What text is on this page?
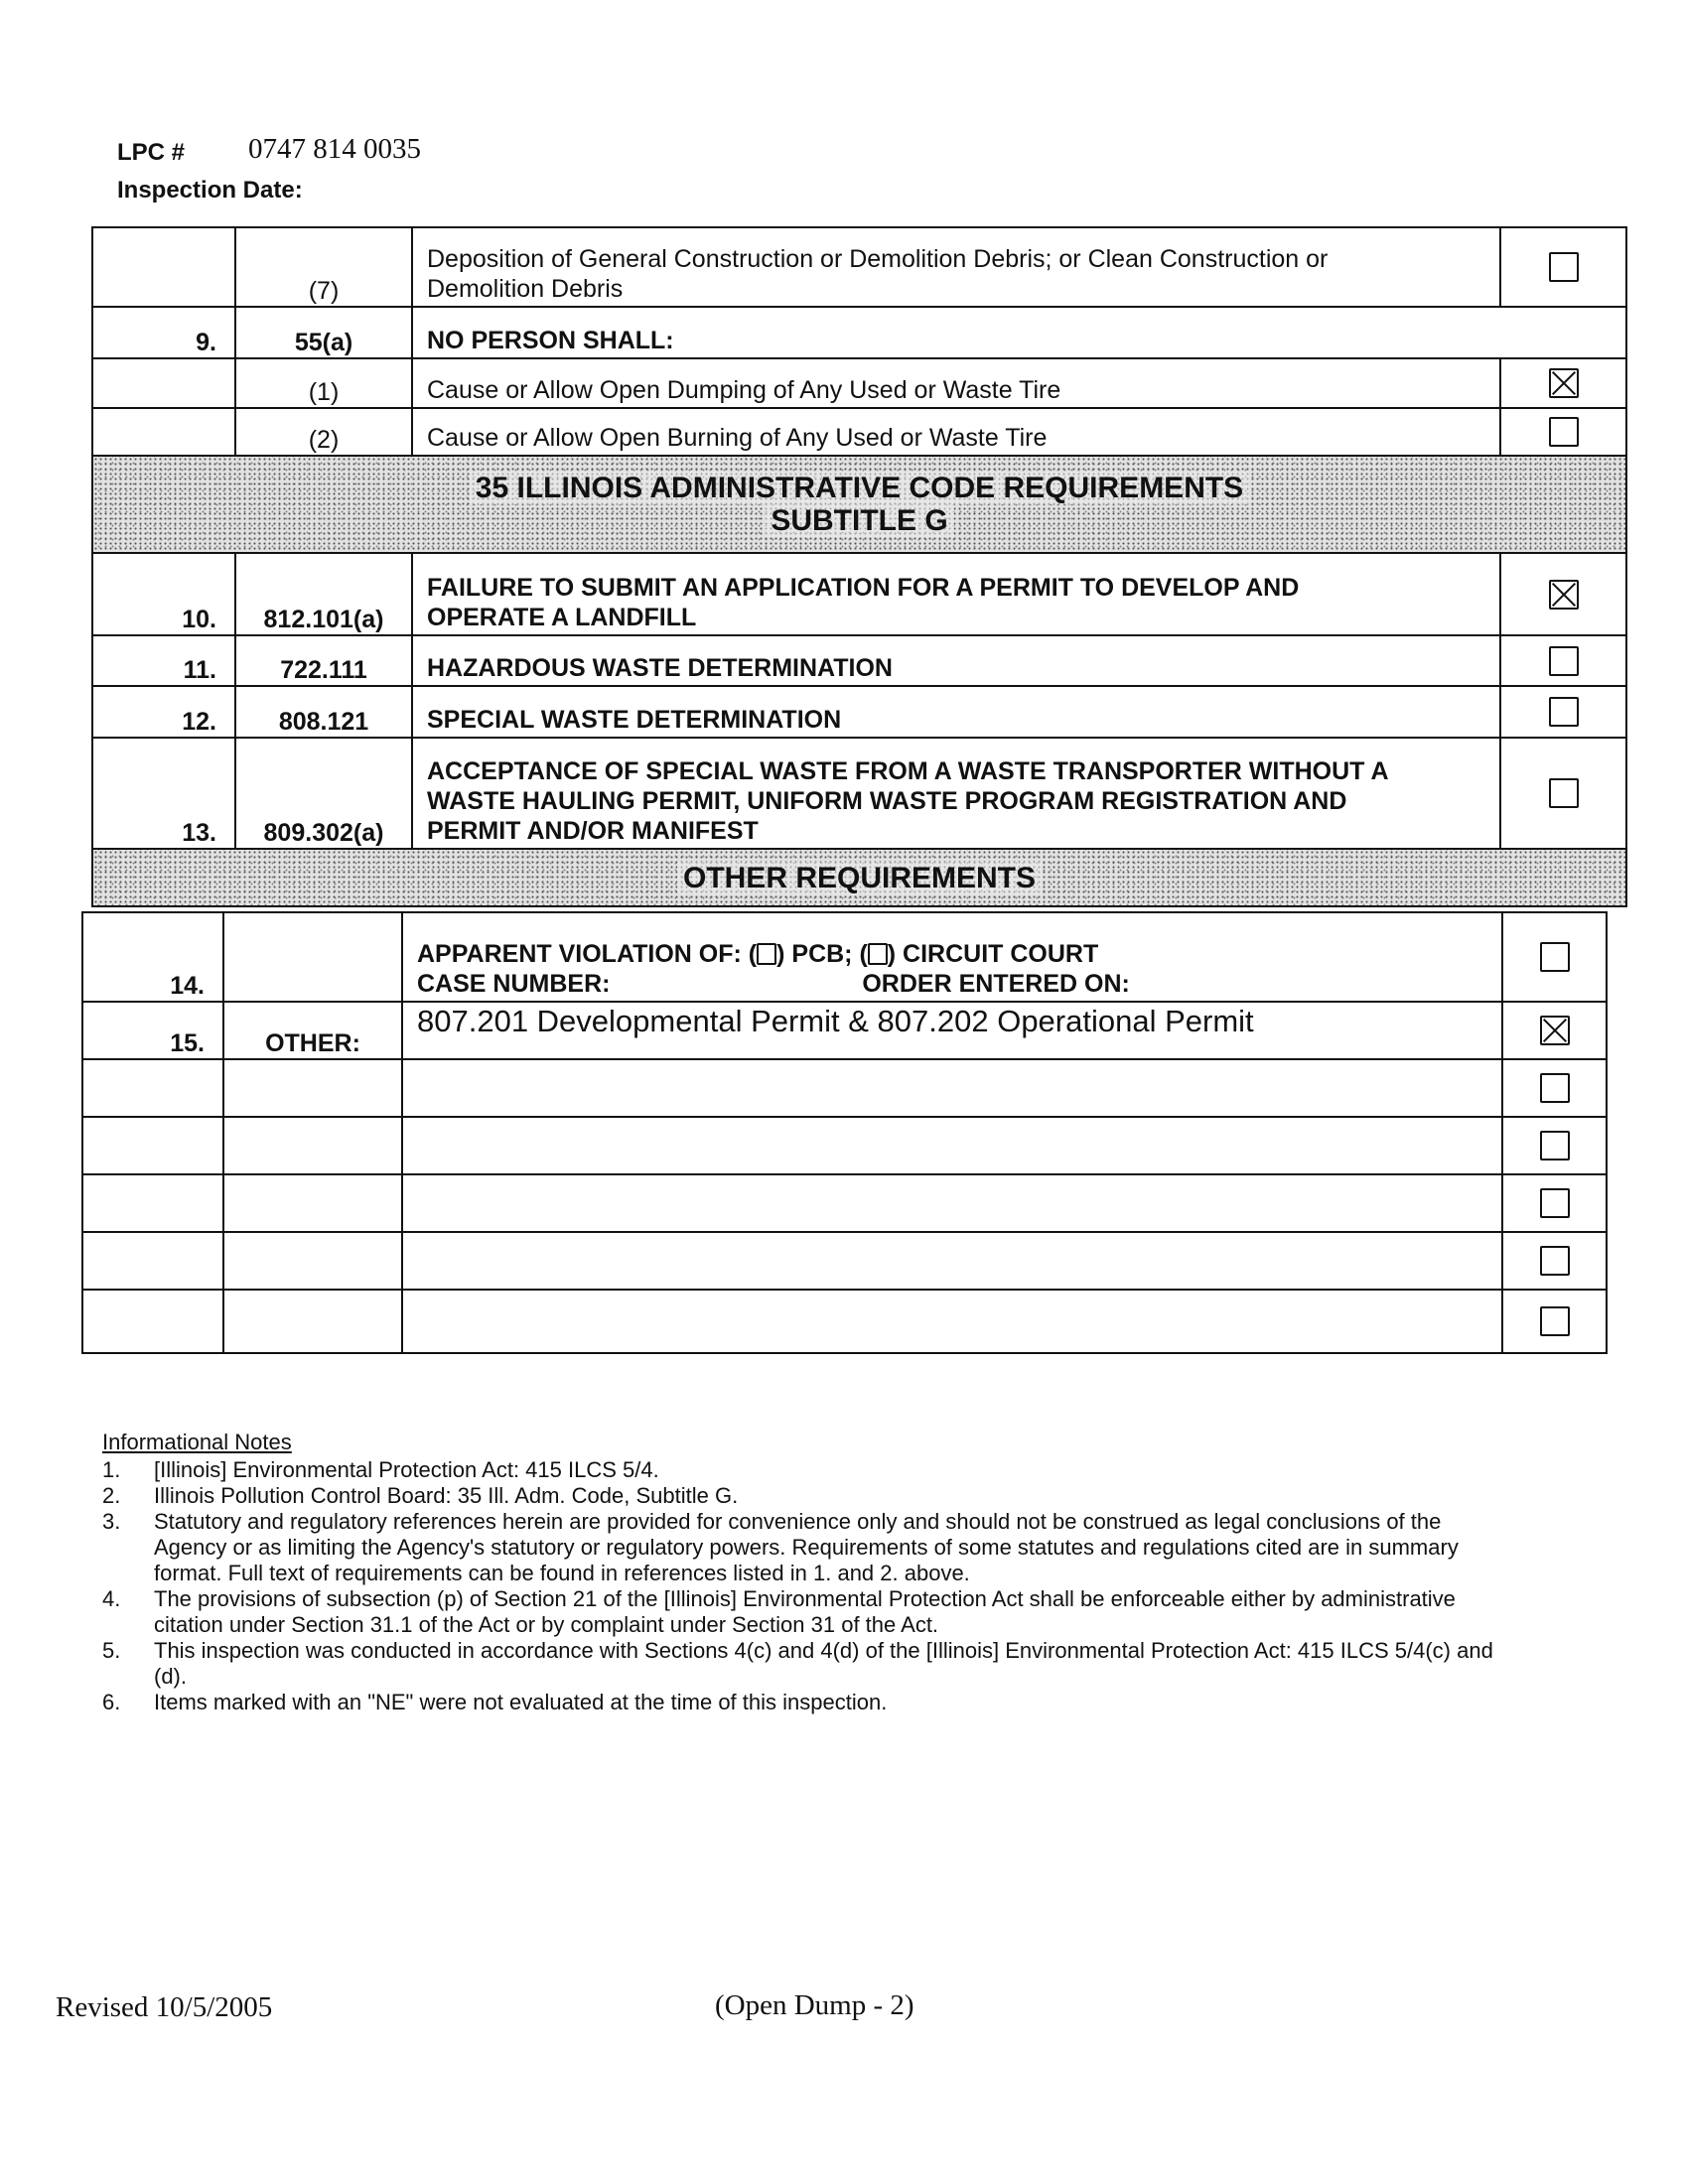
LPC # 0747 814 0035
Inspection Date:
	(7)	Deposition of General Construction or Demolition Debris; or Clean Construction or
Demolition Debris	

9.	55(a)	NO PERSON SHALL:	
	(1)	Cause or Allow Open Dumping of Any Used or Waste Tire	
	(2)	Cause or Allow Open Burning of Any Used or Waste Tire	

35 ILLINOIS ADMINISTRATIVE CODE REQUIREMENTS
SUBTITLE G			

10.	812.101(a)	FAILURE TO SUBMIT AN APPLICATION FOR A PERMIT TO DEVELOP AND
OPERATE A LANDFILL	

11.	722.111	HAZARDOUS WASTE DETERMINATION	
12.	808.121	SPECIAL WASTE DETERMINATION	
13.	809.302(a)	ACCEPTANCE OF SPECIAL WASTE FROM A WASTE TRANSPORTER WITHOUT A
WASTE HAULING PERMIT, UNIFORM WASTE PROGRAM REGISTRATION AND
PERMIT AND/OR MANIFEST	

OTHER REQUIREMENTS			
14.		APPARENT VIOLATION OF: ( ) PCB; ( ) CIRCUIT COURT
CASE NUMBER: ORDER ENTERED ON:	

15.	OTHER:	807.201 Developmental Permit & 807.202 Operational Permit	

Informational Notes
1. [Illinois] Environmental Protection Act: 415 ILCS 5/4.
2. Illinois Pollution Control Board: 35 Ill. Adm. Code, Subtitle G.
3. Statutory and regulatory references herein are provided for convenience only and should not be construed as legal conclusions of the Agency or as limiting the Agency's statutory or regulatory powers. Requirements of some statutes and regulations cited are in summary format. Full text of requirements can be found in references listed in 1. and 2. above.
4. The provisions of subsection (p) of Section 21 of the [Illinois] Environmental Protection Act shall be enforceable either by administrative citation under Section 31.1 of the Act or by complaint under Section 31 of the Act.
5. This inspection was conducted in accordance with Sections 4(c) and 4(d) of the [Illinois] Environmental Protection Act: 415 ILCS 5/4(c) and (d).
6. Items marked with an "NE" were not evaluated at the time of this inspection.
Revised 10/5/2005	(Open Dump - 2)
